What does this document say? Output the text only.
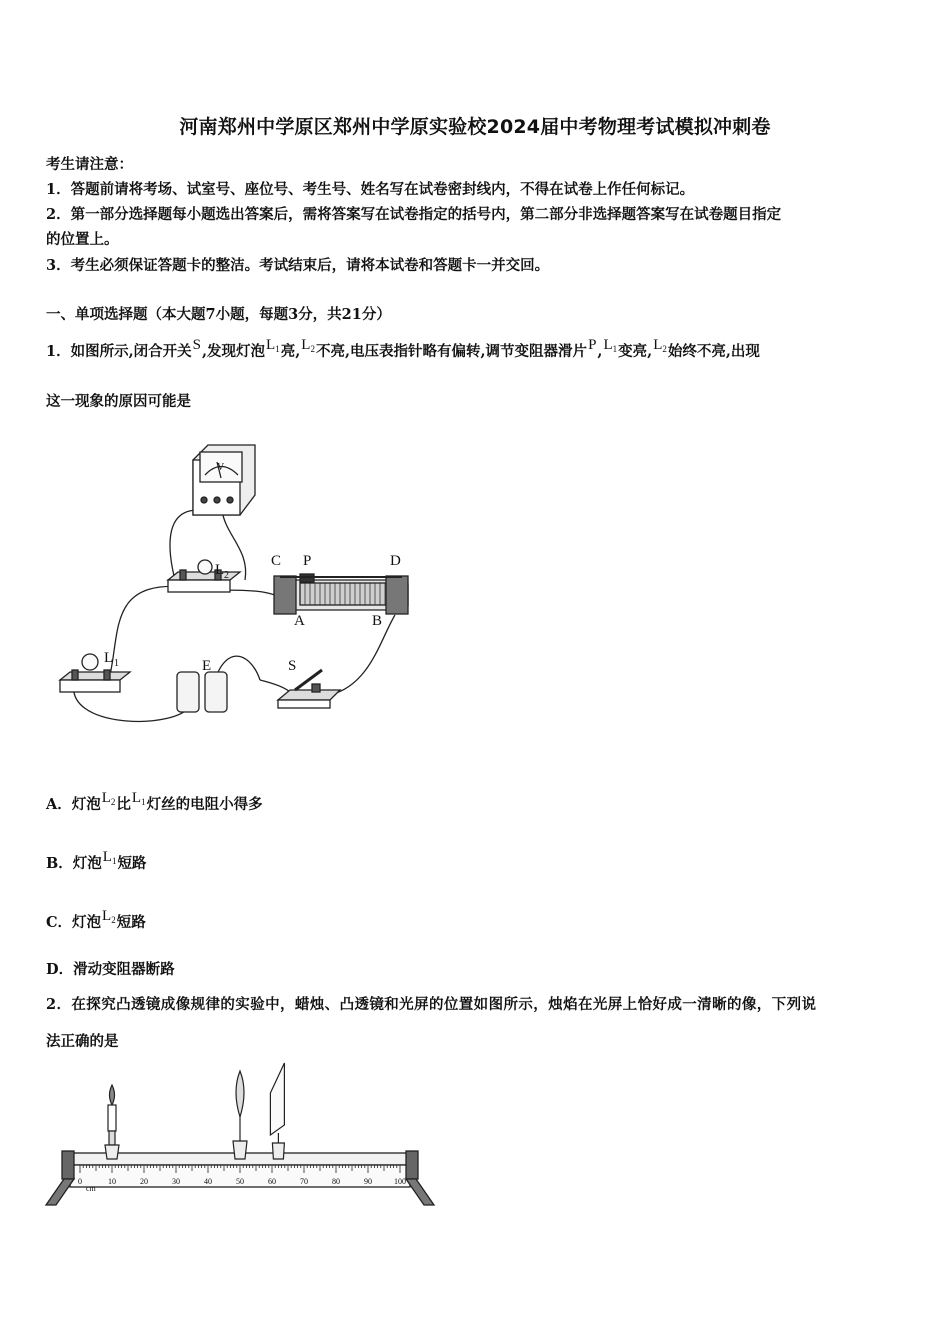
河南郑州中学原区郑州中学原实验校2024届中考物理考试模拟冲刺卷
考生请注意：
1．答题前请将考场、试室号、座位号、考生号、姓名写在试卷密封线内，不得在试卷上作任何标记。
2．第一部分选择题每小题选出答案后，需将答案写在试卷指定的括号内，第二部分非选择题答案写在试卷题目指定
的位置上。
3．考生必须保证答题卡的整洁。考试结束后，请将本试卷和答题卡一并交回。
一、单项选择题（本大题7小题，每题3分，共21分）
1．如图所示,闭合开关S,发现灯泡$L_1$亮$,L_2$不亮,电压表指针略有偏转,调节变阻器滑片$P,L_1$变亮$,L_2$始终不亮,出现
这一现象的原因可能是
V
L 2
C P	D
A	B
L 1	E	S
A．灯泡$L_2$比$L_1$灯丝的电阻小得多
B．灯泡$L_1$短路
C．灯泡$L_2$短路
D．滑动变阻器断路
2．在探究凸透镜成像规律的实验中，蜡烛、凸透镜和光屏的位置如图所示，烛焰在光屏上恰好成一清晰的像，下列说
法正确的是
0	10	20	30	40	50	60	70	80	90	100
cm
